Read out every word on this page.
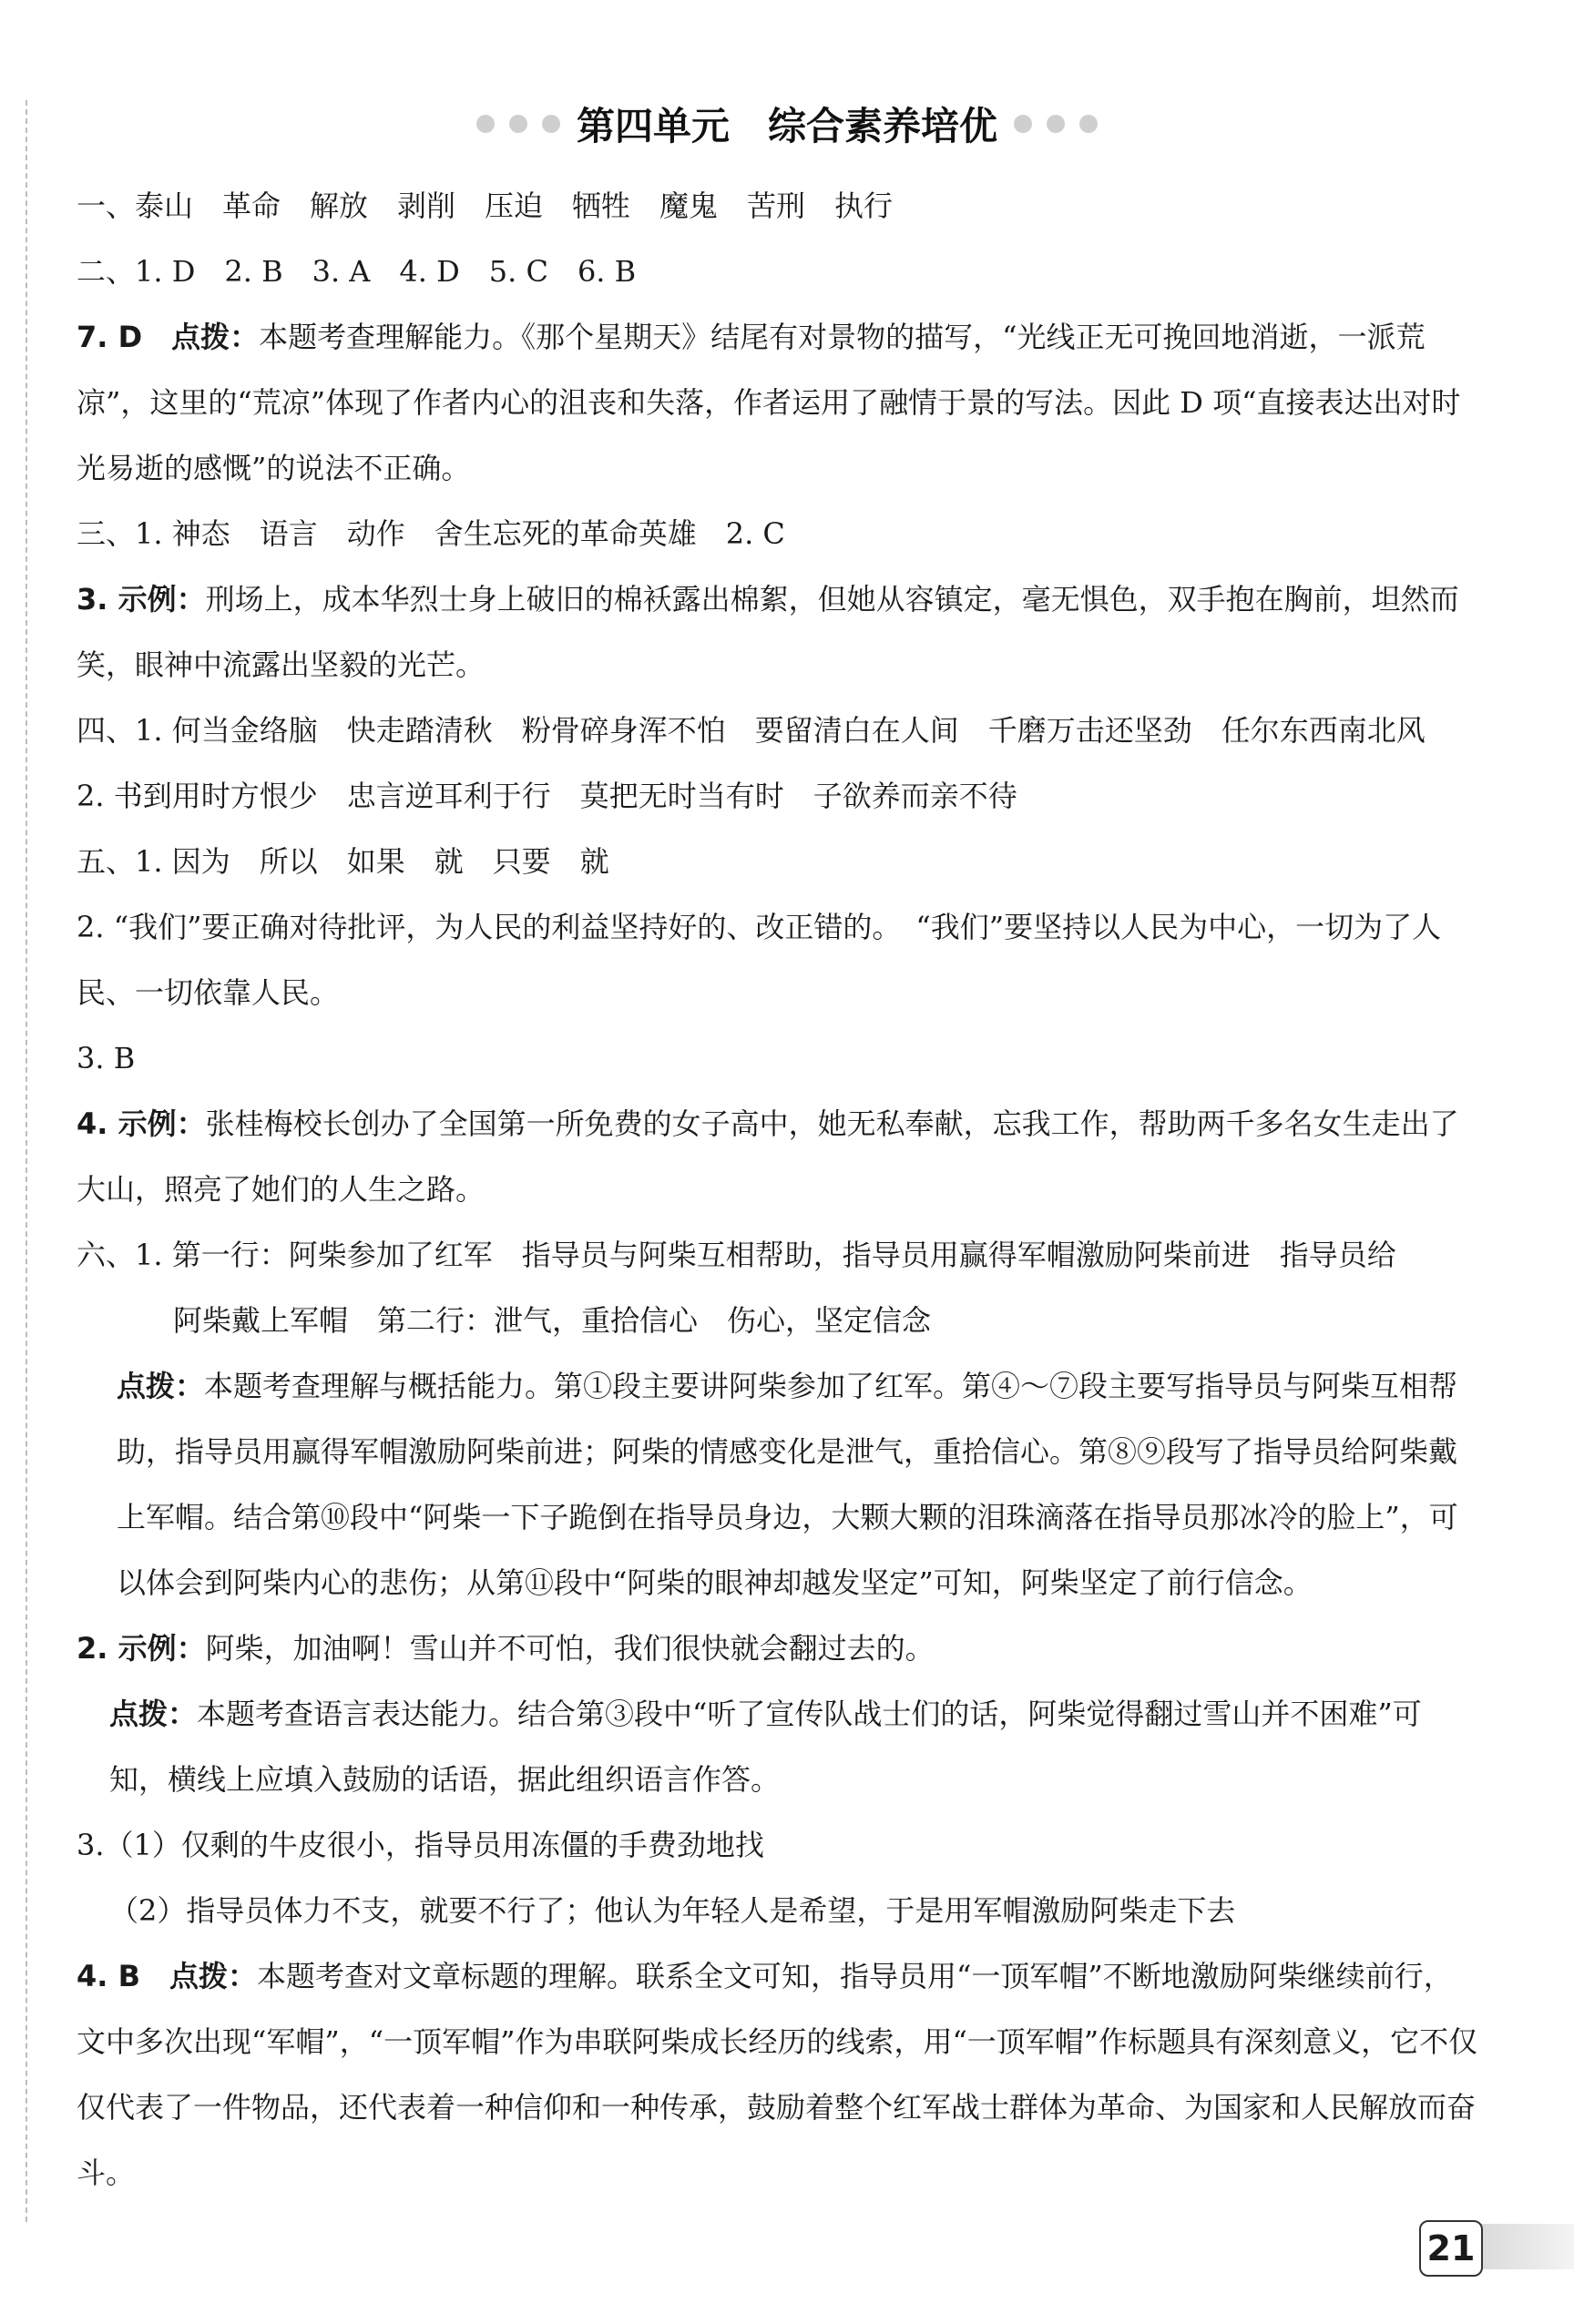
第四单元　综合素养培优

一、泰山　革命　解放　剥削　压迫　牺牲　魔鬼　苦刑　执行

二、1. D　2. B　3. A　4. D　5. C　6. B

7. D　点拨：本题考查理解能力。《那个星期天》结尾有对景物的描写，“光线正无可挽回地消逝，一派荒凉”，这里的“荒凉”体现了作者内心的沮丧和失落，作者运用了融情于景的写法。因此 D 项“直接表达出对时光易逝的感慨”的说法不正确。

三、1. 神态　语言　动作　舍生忘死的革命英雄　2. C

3. 示例：刑场上，成本华烈士身上破旧的棉袄露出棉絮，但她从容镇定，毫无惧色，双手抱在胸前，坦然而笑，眼神中流露出坚毅的光芒。

四、1. 何当金络脑　快走踏清秋　粉骨碎身浑不怕　要留清白在人间　千磨万击还坚劲　任尔东西南北风

2. 书到用时方恨少　忠言逆耳利于行　莫把无时当有时　子欲养而亲不待

五、1. 因为　所以　如果　就　只要　就

2. “我们”要正确对待批评，为人民的利益坚持好的、改正错的。　“我们”要坚持以人民为中心，一切为了人民、一切依靠人民。

3. B

4. 示例：张桂梅校长创办了全国第一所免费的女子高中，她无私奉献，忘我工作，帮助两千多名女生走出了大山，照亮了她们的人生之路。

六、1. 第一行：阿柴参加了红军　指导员与阿柴互相帮助，指导员用赢得军帽激励阿柴前进　指导员给

阿柴戴上军帽　第二行：泄气，重拾信心　伤心，坚定信念

点拨：本题考查理解与概括能力。第①段主要讲阿柴参加了红军。第④～⑦段主要写指导员与阿柴互相帮助，指导员用赢得军帽激励阿柴前进；阿柴的情感变化是泄气，重拾信心。第⑧⑨段写了指导员给阿柴戴上军帽。结合第⑩段中“阿柴一下子跪倒在指导员身边，大颗大颗的泪珠滴落在指导员那冰冷的脸上”，可以体会到阿柴内心的悲伤；从第⑪段中“阿柴的眼神却越发坚定”可知，阿柴坚定了前行信念。

2. 示例：阿柴，加油啊！雪山并不可怕，我们很快就会翻过去的。

点拨：本题考查语言表达能力。结合第③段中“听了宣传队战士们的话，阿柴觉得翻过雪山并不困难”可知，横线上应填入鼓励的话语，据此组织语言作答。

3.（1）仅剩的牛皮很小，指导员用冻僵的手费劲地找

（2）指导员体力不支，就要不行了；他认为年轻人是希望，于是用军帽激励阿柴走下去

4. B　点拨：本题考查对文章标题的理解。联系全文可知，指导员用“一顶军帽”不断地激励阿柴继续前行，文中多次出现“军帽”，“一顶军帽”作为串联阿柴成长经历的线索，用“一顶军帽”作标题具有深刻意义，它不仅仅代表了一件物品，还代表着一种信仰和一种传承，鼓励着整个红军战士群体为革命、为国家和人民解放而奋斗。

21
